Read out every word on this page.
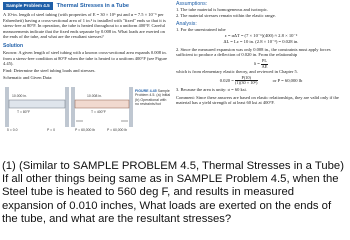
Sample Problem 4.5	Thermal Stresses in a Tube

A 10-in. length of steel tubing (with properties of E = 30 × 10⁶ psi and α = 7.5 × 10⁻⁶ per Fahrenheit) having a cross-sectional area of 1 in.² is installed with "fixed" ends so that it is stress-free at 80°F. In operation, the tube is heated throughout to a uniform 400°F. Careful measurements indicate that the fixed ends separate by 0.008 in. What loads are exerted on the ends of the tube, and what are the resultant stresses?

Solution

Known: A given length of steel tubing with a known cross-sectional area expands 0.008 in. from a stress-free condition at 80°F when the tube is heated to a uniform 400°F (see Figure 4.45).

Find: Determine the steel tubing loads and stresses.

Schematic and Given Data:

10.000 in.
T = 80°F
10.008 in.
T = 400°F
δ = 0.0	P = 0	P = 60,000 lb	P = 60,000 lb
FIGURE 4.45 Sample Problem 4.5. (a) Initial (b) Operational with no restraints/hot
Assumptions:

1. The tube material is homogeneous and isotropic.

2. The material stresses remain within the elastic range.

Analysis:

1. For the unrestrained tube

ε = αΔT = (7 × 10⁻⁶)(400) ≈ 2.8 × 10⁻³

ΔL = Lε = 10 in. (2.8 × 10⁻³) = 0.028 in.

2. Since the measured expansion was only 0.008 in., the constraints must apply forces sufficient to produce a deflection of 0.020 in. From the relationship

$\delta = \frac{PL}{AE}$

which is from elementary elastic theory, and reviewed in Chapter 5.

$0.020 = \frac{P(10)}{\text{(1)(30 × 10⁶)}}$	or P = 60,000 lb

3. Because the area is unity: σ = 60 ksi.

Comment: Since these answers are based on elastic relationships, they are valid only if the material has a yield strength of at least 60 ksi at 400°F.

(1) (Similar to SAMPLE PROBLEM 4.5, Thermal Stresses in a Tube) If all other things being same as in SAMPLE Problem 4.5, when the Steel tube is heated to 560 deg F, and results in measured expansion of 0.010 inches, What loads are exerted on the ends of the tube, and what are the resultant stresses?
